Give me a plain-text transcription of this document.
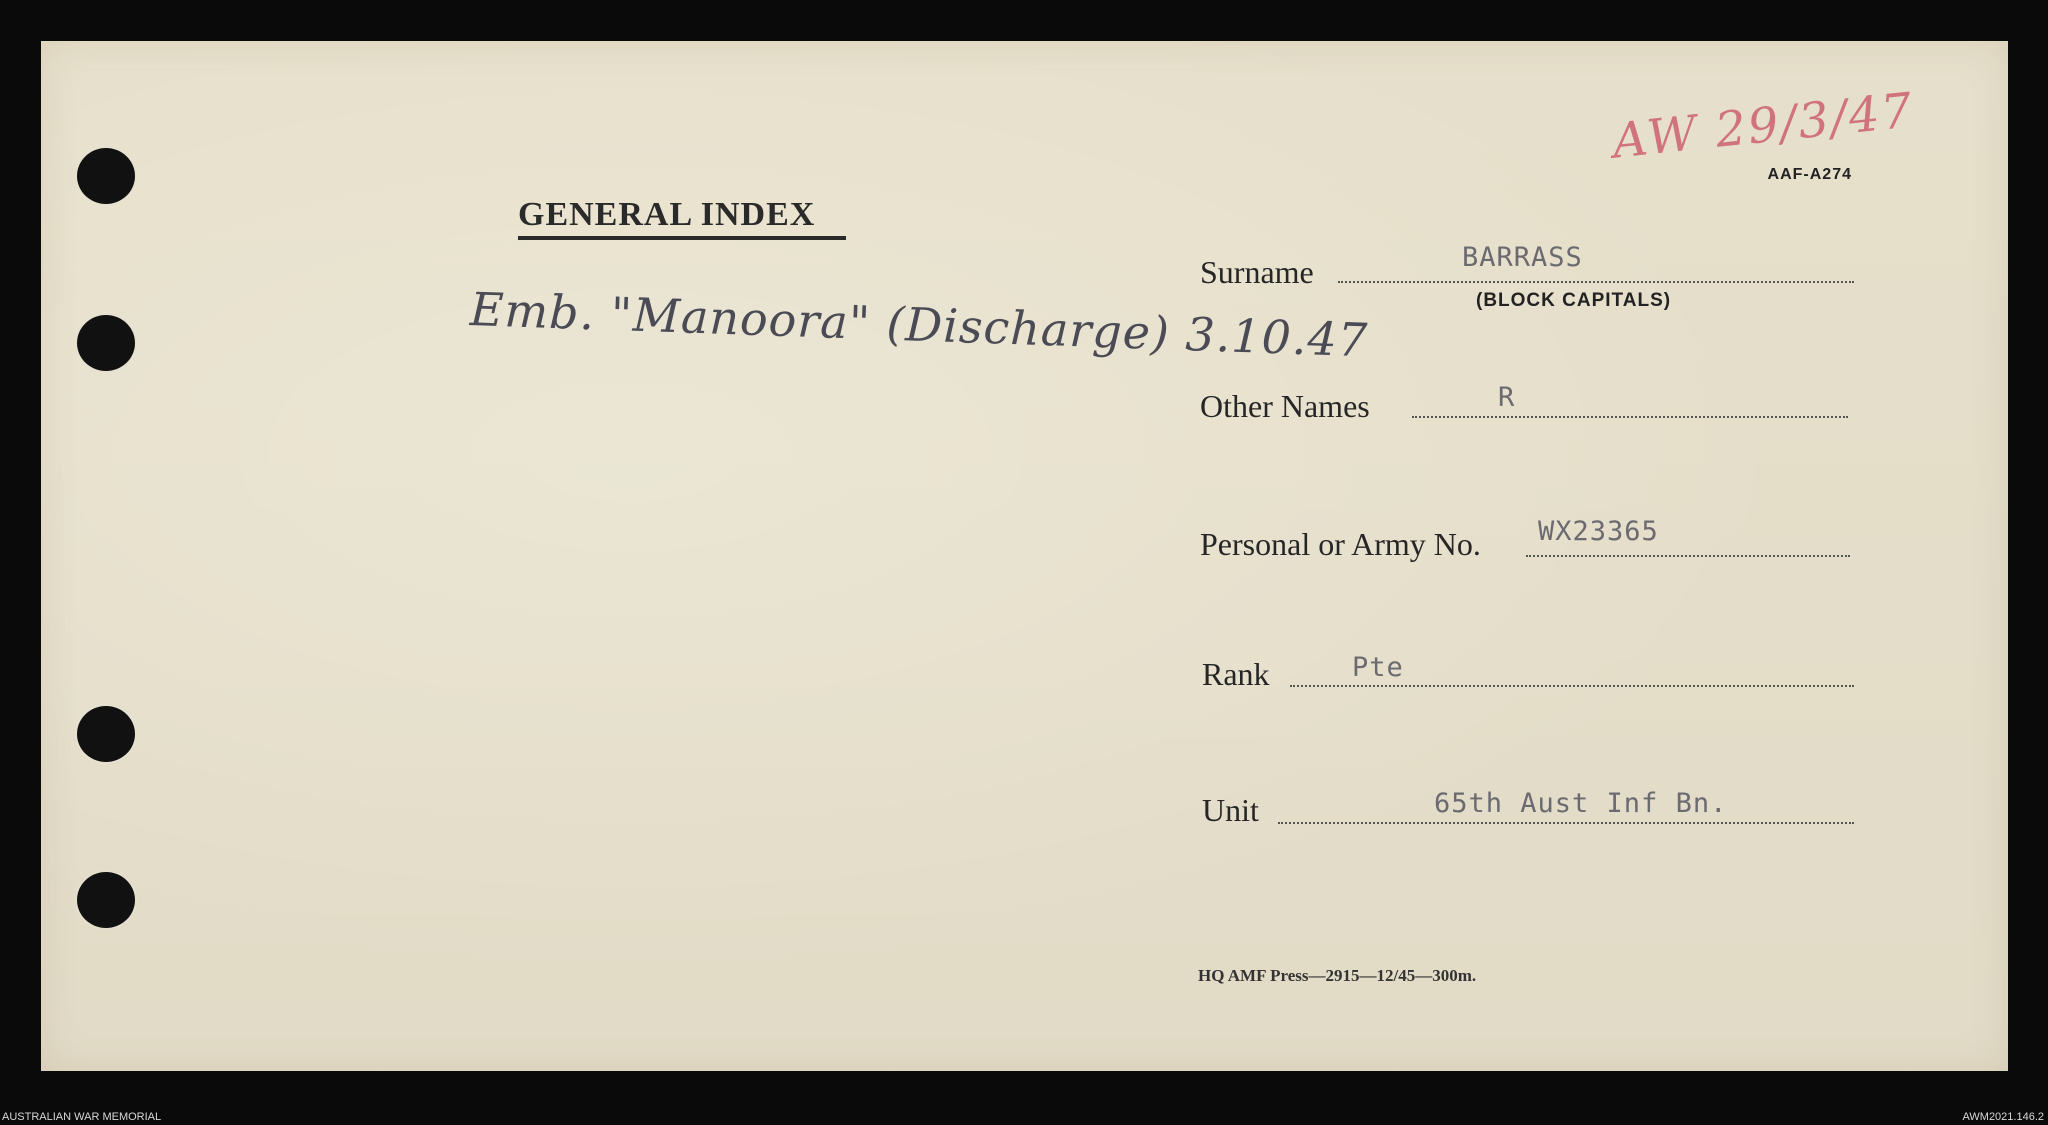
AW 29/3/47
AAF-A274
GENERAL INDEX
Emb. "Manoora" (Discharge) 3.10.47
Surname	BARRASS
(BLOCK CAPITALS)
Other Names	R
Personal or Army No. WX23365
Rank	Pte
Unit	65th Aust Inf Bn.
HQ AMF Press—2915—12/45—300m.
AUSTRALIAN WAR MEMORIAL	AWM2021.146.2
